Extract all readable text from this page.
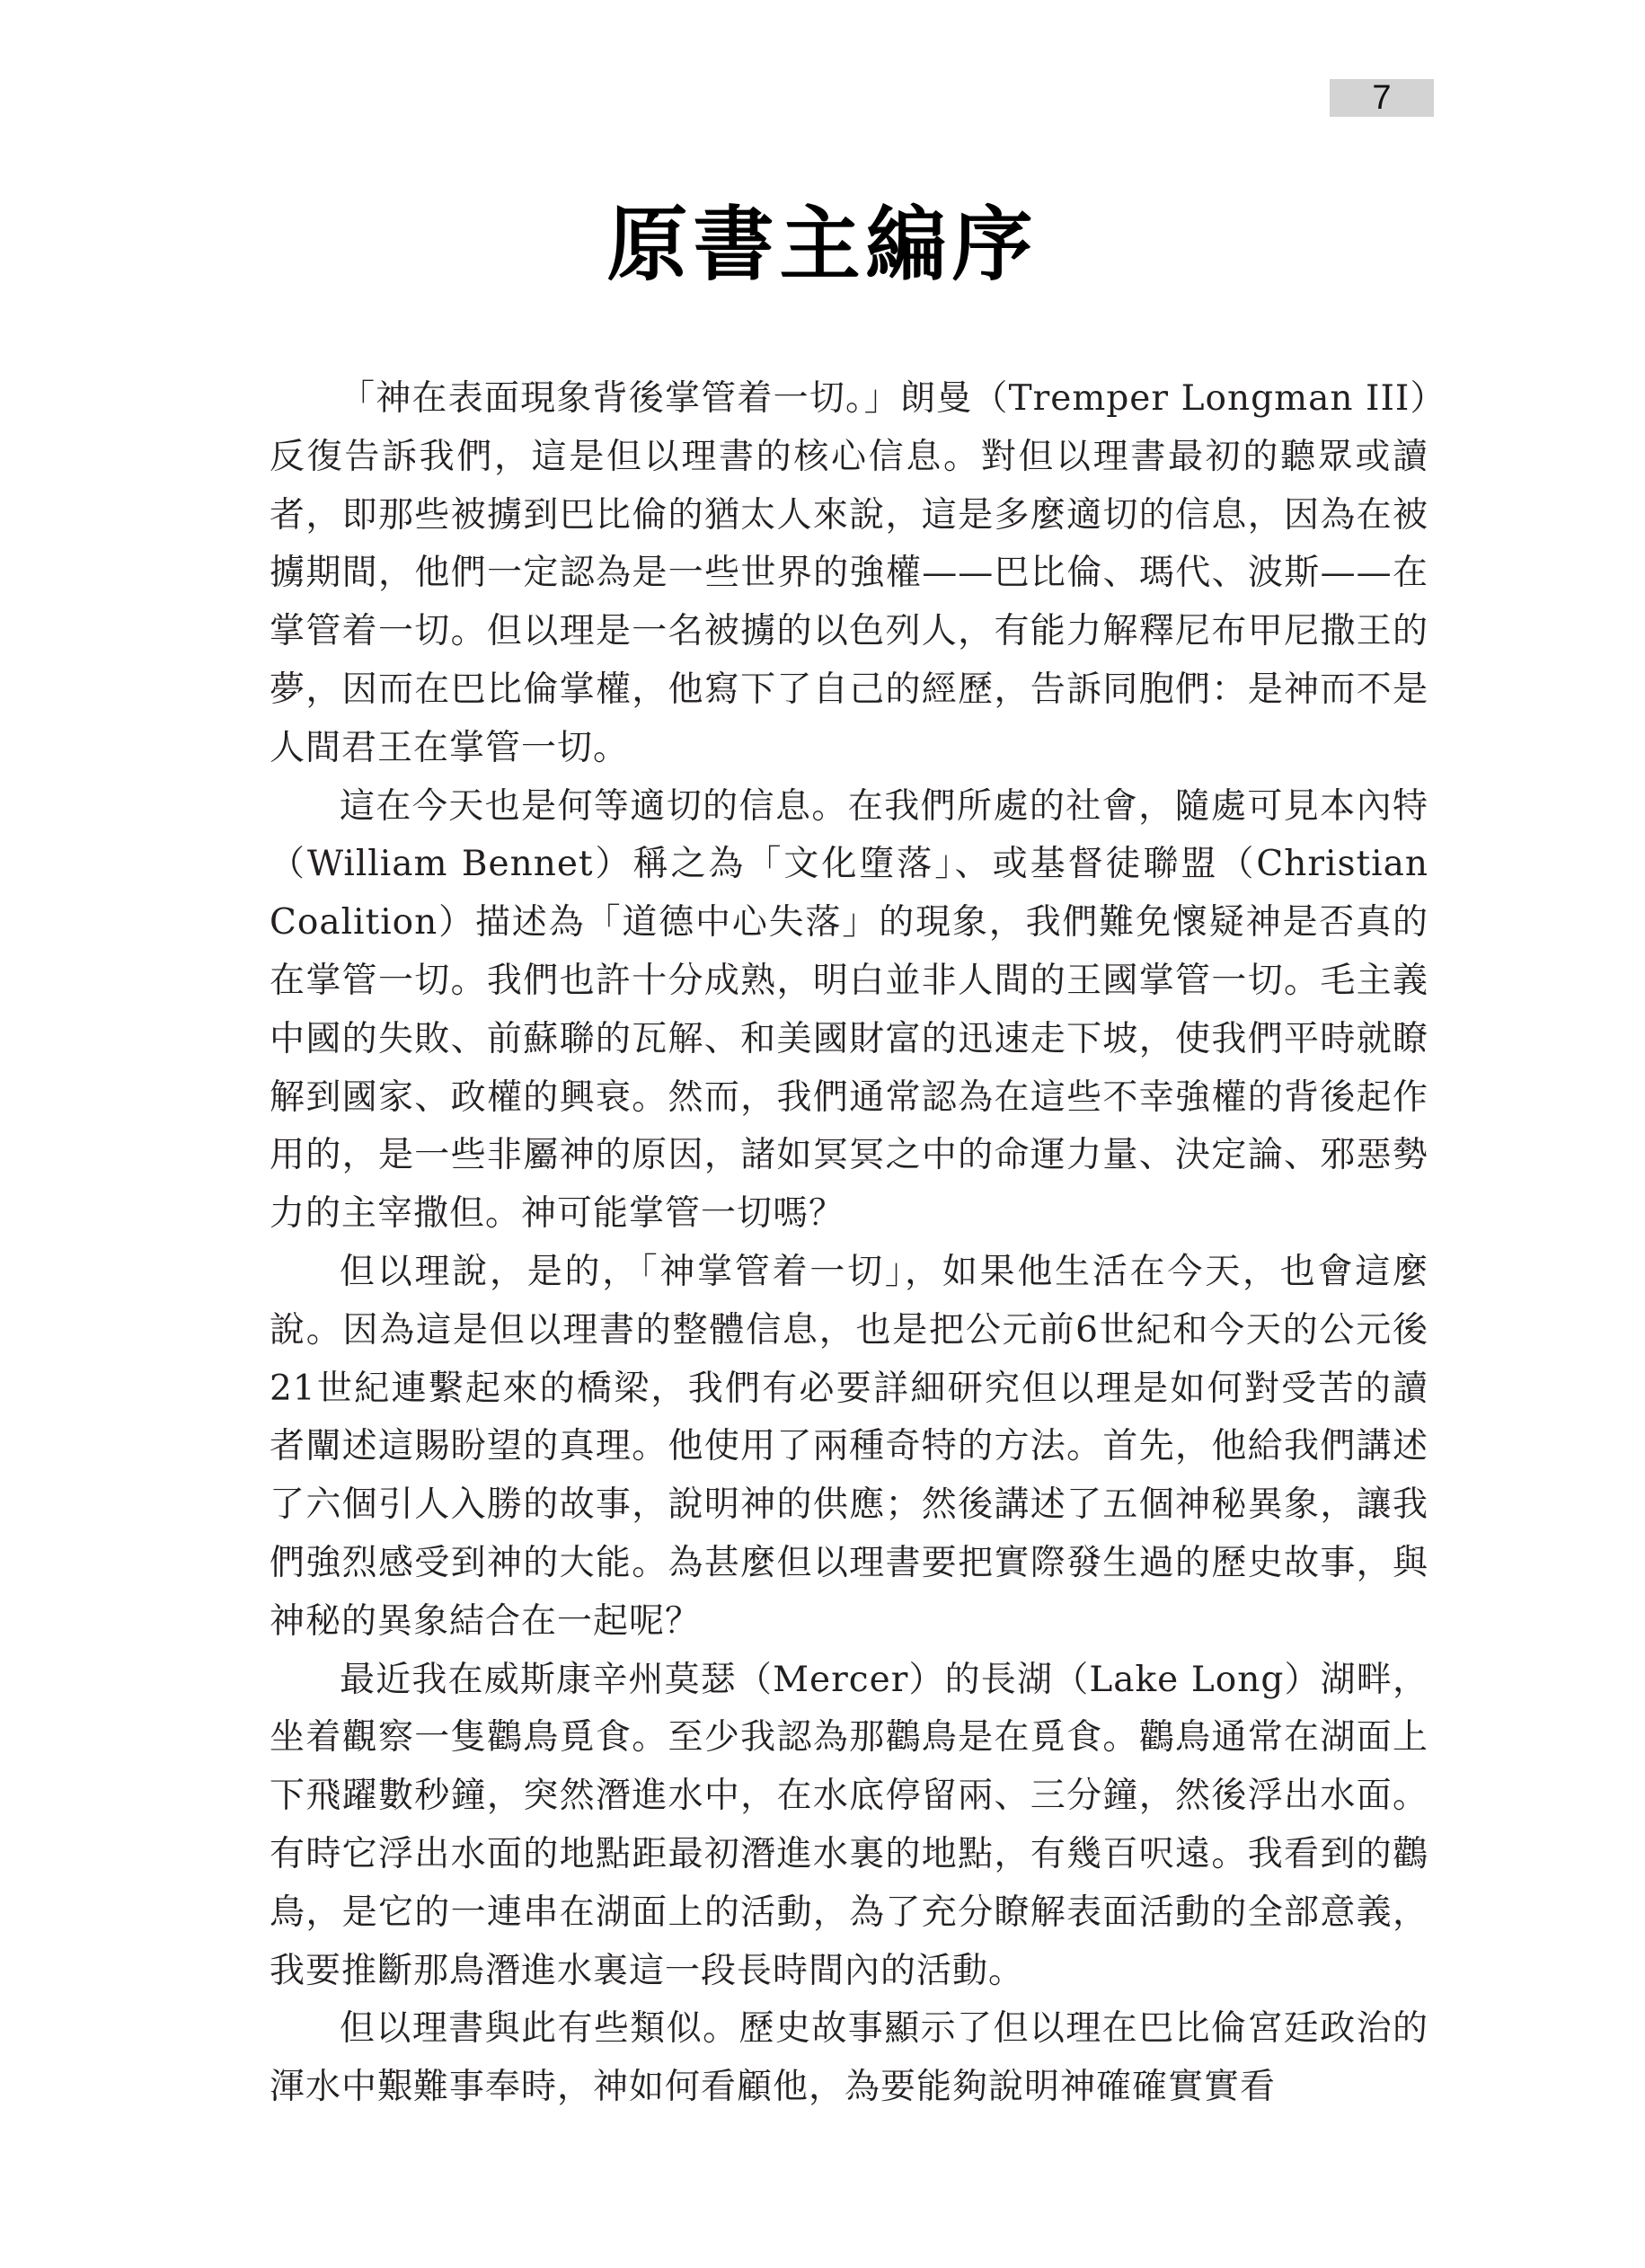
7
原書主編序

「神在表面現象背後掌管着一切。」朗曼（Tremper Longman III）反復告訴我們，這是但以理書的核心信息。對但以理書最初的聽眾或讀者，即那些被擄到巴比倫的猶太人來說，這是多麼適切的信息，因為在被擄期間，他們一定認為是一些世界的強權——巴比倫、瑪代、波斯——在掌管着一切。但以理是一名被擄的以色列人，有能力解釋尼布甲尼撒王的夢，因而在巴比倫掌權，他寫下了自己的經歷，告訴同胞們：是神而不是人間君王在掌管一切。

這在今天也是何等適切的信息。在我們所處的社會，隨處可見本內特（William Bennet）稱之為「文化墮落」、或基督徒聯盟（Christian Coalition）描述為「道德中心失落」的現象，我們難免懷疑神是否真的在掌管一切。我們也許十分成熟，明白並非人間的王國掌管一切。毛主義中國的失敗、前蘇聯的瓦解、和美國財富的迅速走下坡，使我們平時就瞭解到國家、政權的興衰。然而，我們通常認為在這些不幸強權的背後起作用的，是一些非屬神的原因，諸如冥冥之中的命運力量、決定論、邪惡勢力的主宰撒但。神可能掌管一切嗎？

但以理說，是的，「神掌管着一切」，如果他生活在今天，也會這麼說。因為這是但以理書的整體信息，也是把公元前6世紀和今天的公元後21世紀連繫起來的橋梁，我們有必要詳細研究但以理是如何對受苦的讀者闡述這賜盼望的真理。他使用了兩種奇特的方法。首先，他給我們講述了六個引人入勝的故事，說明神的供應；然後講述了五個神秘異象，讓我們強烈感受到神的大能。為甚麼但以理書要把實際發生過的歷史故事，與神秘的異象結合在一起呢？

最近我在威斯康辛州莫瑟（Mercer）的長湖（Lake Long）湖畔，坐着觀察一隻鸛鳥覓食。至少我認為那鸛鳥是在覓食。鸛鳥通常在湖面上下飛躍數秒鐘，突然潛進水中，在水底停留兩、三分鐘，然後浮出水面。有時它浮出水面的地點距最初潛進水裏的地點，有幾百呎遠。我看到的鸛鳥，是它的一連串在湖面上的活動，為了充分瞭解表面活動的全部意義，我要推斷那鳥潛進水裏這一段長時間內的活動。

但以理書與此有些類似。歷史故事顯示了但以理在巴比倫宮廷政治的渾水中艱難事奉時，神如何看顧他，為要能夠說明神確確實實看
